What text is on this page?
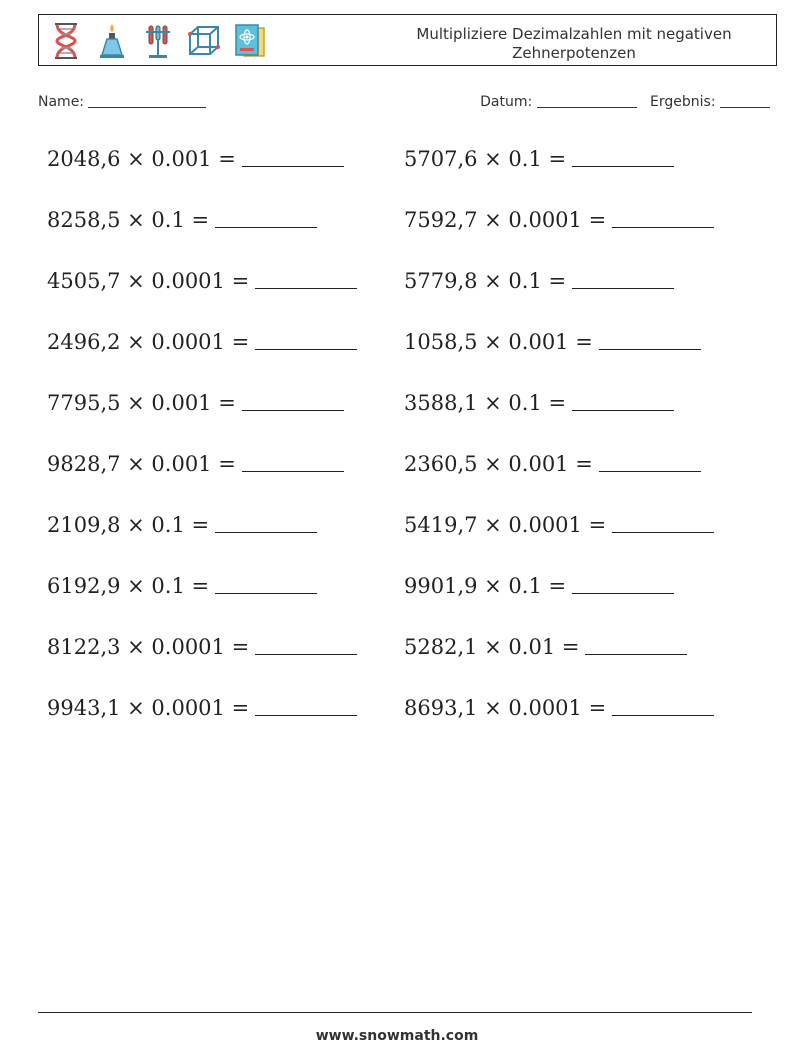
Multipliziere Dezimalzahlen mit negativen Zehnerpotenzen
Name:	Datum:	Ergebnis:
2048,6 × 0.001 =	5707,6 × 0.1 =
8258,5 × 0.1 =	7592,7 × 0.0001 =
4505,7 × 0.0001 =	5779,8 × 0.1 =
2496,2 × 0.0001 =	1058,5 × 0.001 =
7795,5 × 0.001 =	3588,1 × 0.1 =
9828,7 × 0.001 =	2360,5 × 0.001 =
2109,8 × 0.1 =	5419,7 × 0.0001 =
6192,9 × 0.1 =	9901,9 × 0.1 =
8122,3 × 0.0001 =	5282,1 × 0.01 =
9943,1 × 0.0001 =	8693,1 × 0.0001 =
www.snowmath.com
